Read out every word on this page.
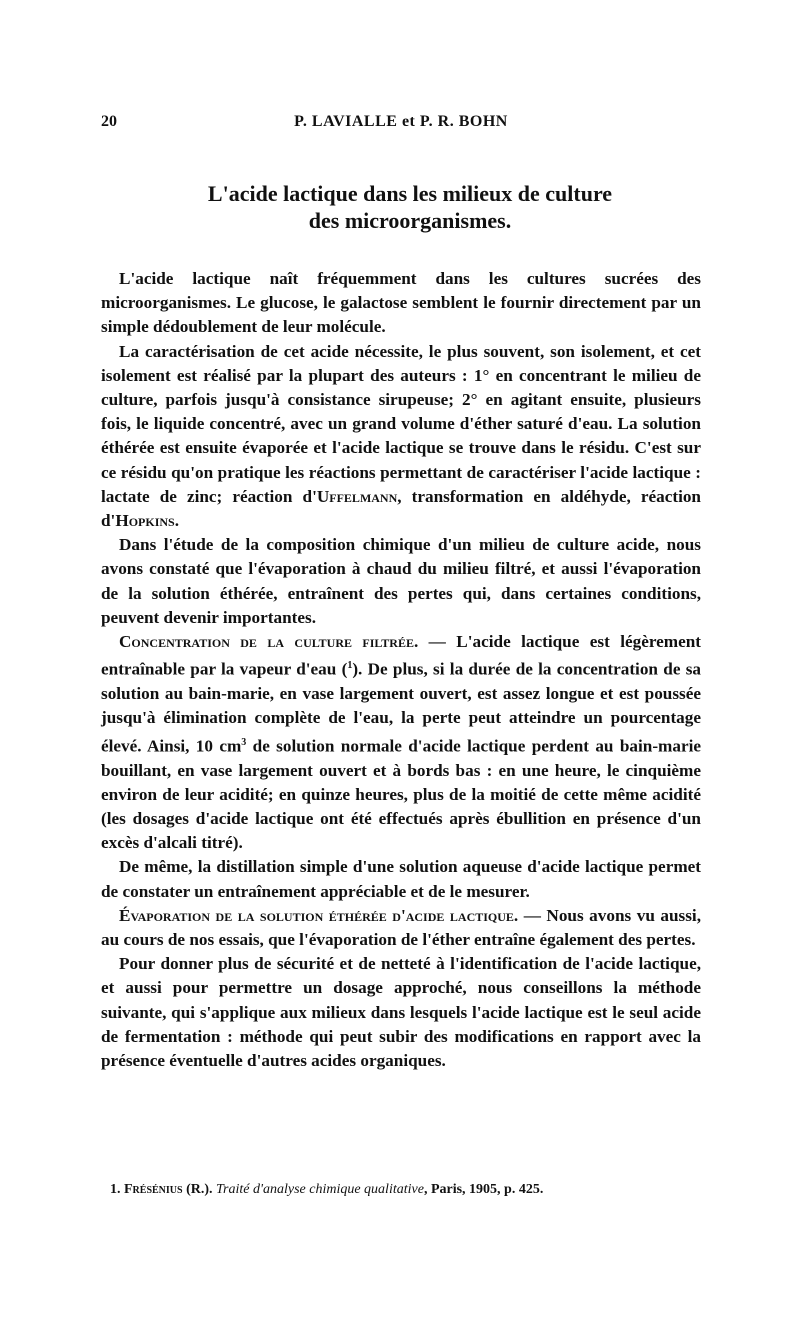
20	P. LAVIALLE et P. R. BOHN
L'acide lactique dans les milieux de culture
des microorganismes.

L'acide lactique naît fréquemment dans les cultures sucrées des microorganismes. Le glucose, le galactose semblent le fournir directement par un simple dédoublement de leur molécule.

La caractérisation de cet acide nécessite, le plus souvent, son isolement, et cet isolement est réalisé par la plupart des auteurs : 1° en concentrant le milieu de culture, parfois jusqu'à consistance sirupeuse; 2° en agitant ensuite, plusieurs fois, le liquide concentré, avec un grand volume d'éther saturé d'eau. La solution éthérée est ensuite évaporée et l'acide lactique se trouve dans le résidu. C'est sur ce résidu qu'on pratique les réactions permettant de caractériser l'acide lactique : lactate de zinc; réaction d'Uffelmann, transformation en aldéhyde, réaction d'Hopkins.

Dans l'étude de la composition chimique d'un milieu de culture acide, nous avons constaté que l'évaporation à chaud du milieu filtré, et aussi l'évaporation de la solution éthérée, entraînent des pertes qui, dans certaines conditions, peuvent devenir importantes.

Concentration de la culture filtrée. — L'acide lactique est légèrement entraînable par la vapeur d'eau ($^1$). De plus, si la durée de la concentration de sa solution au bain-marie, en vase largement ouvert, est assez longue et est poussée jusqu'à élimination complète de l'eau, la perte peut atteindre un pourcentage élevé. Ainsi, 10 $cm^3$ de solution normale d'acide lactique perdent au bain-marie bouillant, en vase largement ouvert et à bords bas : en une heure, le cinquième environ de leur acidité; en quinze heures, plus de la moitié de cette même acidité (les dosages d'acide lactique ont été effectués après ébullition en présence d'un excès d'alcali titré).

De même, la distillation simple d'une solution aqueuse d'acide lactique permet de constater un entraînement appréciable et de le mesurer.

Évaporation de la solution éthérée d'acide lactique. — Nous avons vu aussi, au cours de nos essais, que l'évaporation de l'éther entraîne également des pertes.

Pour donner plus de sécurité et de netteté à l'identification de l'acide lactique, et aussi pour permettre un dosage approché, nous conseillons la méthode suivante, qui s'applique aux milieux dans lesquels l'acide lactique est le seul acide de fermentation : méthode qui peut subir des modifications en rapport avec la présence éventuelle d'autres acides organiques.

1. Frésénius (R.). Traité d'analyse chimique qualitative, Paris, 1905, p. 425.
